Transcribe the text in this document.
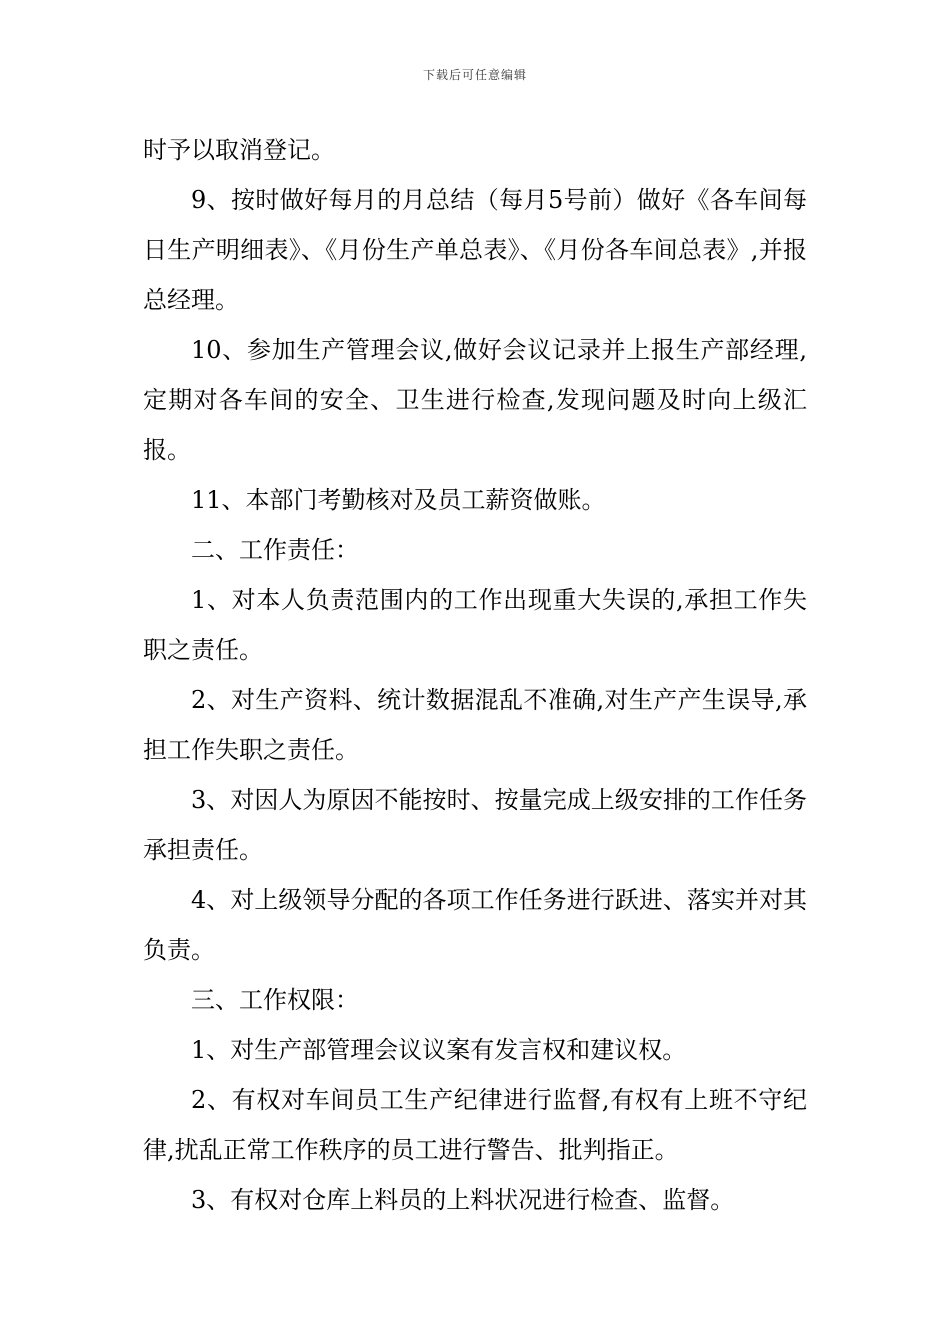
下载后可任意编辑

时予以取消登记。

9、按时做好每月的月总结（每月5号前）做好《各车间每日生产明细表》、《月份生产单总表》、《月份各车间总表》,并报总经理。

10、参加生产管理会议,做好会议记录并上报生产部经理,定期对各车间的安全、卫生进行检查,发现问题及时向上级汇报。

11、本部门考勤核对及员工薪资做账。

二、工作责任：

1、对本人负责范围内的工作出现重大失误的,承担工作失职之责任。

2、对生产资料、统计数据混乱不准确,对生产产生误导,承担工作失职之责任。

3、对因人为原因不能按时、按量完成上级安排的工作任务承担责任。

4、对上级领导分配的各项工作任务进行跃进、落实并对其负责。

三、工作权限：

1、对生产部管理会议议案有发言权和建议权。

2、有权对车间员工生产纪律进行监督,有权有上班不守纪律,扰乱正常工作秩序的员工进行警告、批判指正。

3、有权对仓库上料员的上料状况进行检查、监督。
